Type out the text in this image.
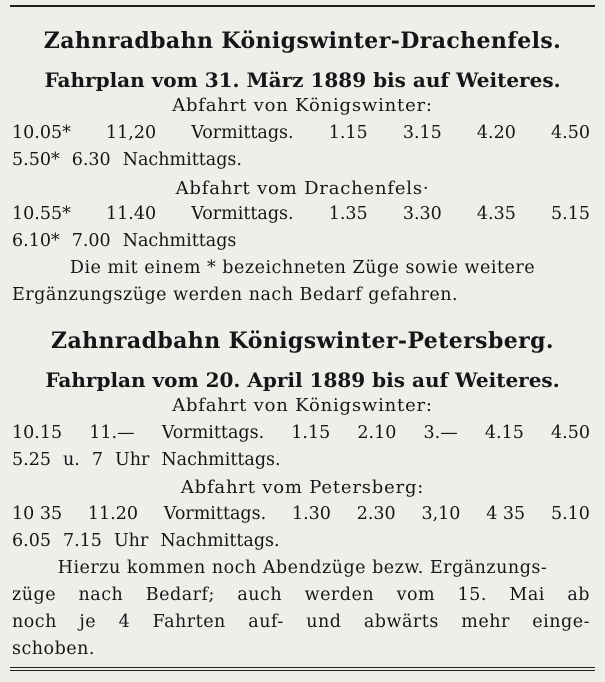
Zahnradbahn Königswinter-Drachenfels.
Fahrplan vom 31. März 1889 bis auf Weiteres.
Abfahrt von Königswinter:
10.05* 11,20 Vormittags. 1.15 3.15 4.20 4.50
5.50* 6.30 Nachmittags.
Abfahrt vom Drachenfels·
10.55* 11.40 Vormittags. 1.35 3.30 4.35 5.15
6.10* 7.00 Nachmittags
Die mit einem * bezeichneten Züge sowie weitere
Ergänzungszüge werden nach Bedarf gefahren.
Zahnradbahn Königswinter-Petersberg.
Fahrplan vom 20. April 1889 bis auf Weiteres.
Abfahrt von Königswinter:
10.15 11.— Vormittags. 1.15 2.10 3.— 4.15 4.50
5.25 u. 7 Uhr Nachmittags.
Abfahrt vom Petersberg:
10 35 11.20 Vormittags. 1.30 2.30 3,10 4 35 5.10
6.05 7.15 Uhr Nachmittags.
Hierzu kommen noch Abendzüge bezw. Ergänzungs-
züge nach Bedarf; auch werden vom 15. Mai ab
noch je 4 Fahrten auf- und abwärts mehr einge-
schoben.
